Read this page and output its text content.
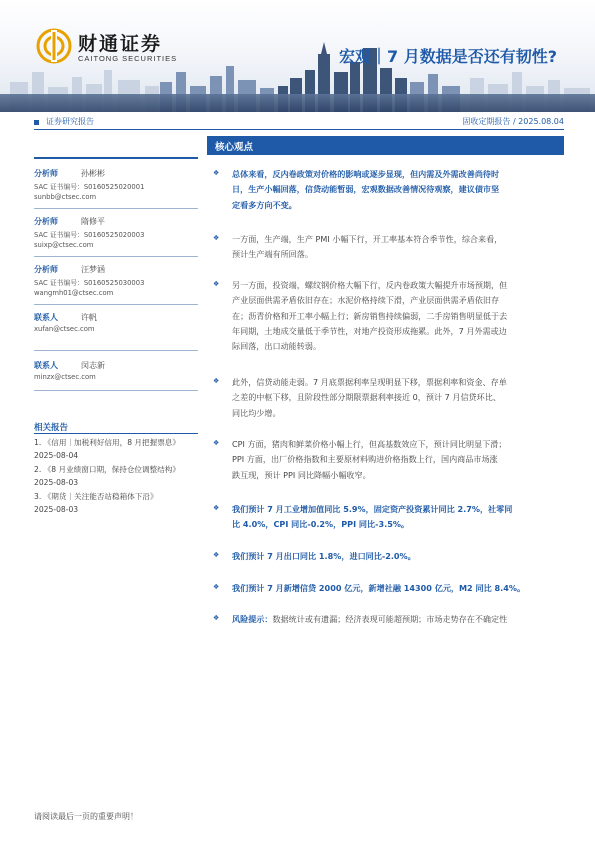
财通证券
CAITONG SECURITIES	宏观｜7 月数据是否还有韧性?
证券研究报告	固收定期报告 / 2025.08.04
分析师	孙彬彬
SAC 证书编号：S0160525020001
sunbb@ctsec.com
分析师	隋修平
SAC 证书编号：S0160525020003
suixp@ctsec.com
分析师	汪梦涵
SAC 证书编号：S0160525030003
wangmh01@ctsec.com
联系人	许帆
xufan@ctsec.com
联系人	闵志新
minzx@ctsec.com
相关报告
1. 《信用｜加税利好信用，8 月把握票息》
2025-08-04
2. 《8 月业绩窗口期，保持仓位调整结构》
2025-08-03
3. 《期货｜关注能否站稳箱体下沿》
2025-08-03
核心观点
❖	总体来看，反内卷政策对价格的影响或逐步显现，但内需及外需改善尚待时
日，生产小幅回落，信贷动能暂弱，宏观数据改善情况待观察，建议债市坚
定看多方向不变。
❖	一方面，生产端，生产 PMI 小幅下行，开工率基本符合季节性，综合来看，
预计生产端有所回落。
❖	另一方面，投资端，螺纹钢价格大幅下行，反内卷政策大幅提升市场预期，但
产业层面供需矛盾依旧存在；水泥价格持续下滑，产业层面供需矛盾依旧存
在；沥青价格和开工率小幅上行；新房销售持续偏弱，二手房销售明显低于去
年同期，土地成交量低于季节性，对地产投资形成拖累。此外，7 月外需或边
际回落，出口动能转弱。
❖	此外，信贷动能走弱。7 月底票据利率呈现明显下移，票据利率和资金、存单
之差的中枢下移，且阶段性部分期限票据利率接近 0，预计 7 月信贷环比、
同比均少增。
❖	CPI 方面，猪肉和鲜菜价格小幅上行，但高基数效应下，预计同比明显下滑；
PPI 方面，出厂价格指数和主要原材料购进价格指数上行，国内商品市场涨
跌互现，预计 PPI 同比降幅小幅收窄。
❖	我们预计 7 月工业增加值同比 5.9%，固定资产投资累计同比 2.7%，社零同
比 4.0%，CPI 同比-0.2%，PPI 同比-3.5%。
❖	我们预计 7 月出口同比 1.8%，进口同比-2.0%。
❖	我们预计 7 月新增信贷 2000 亿元，新增社融 14300 亿元，M2 同比 8.4%。
❖	风险提示：数据统计或有遗漏；经济表现可能超预期；市场走势存在不确定性
请阅读最后一页的重要声明！
